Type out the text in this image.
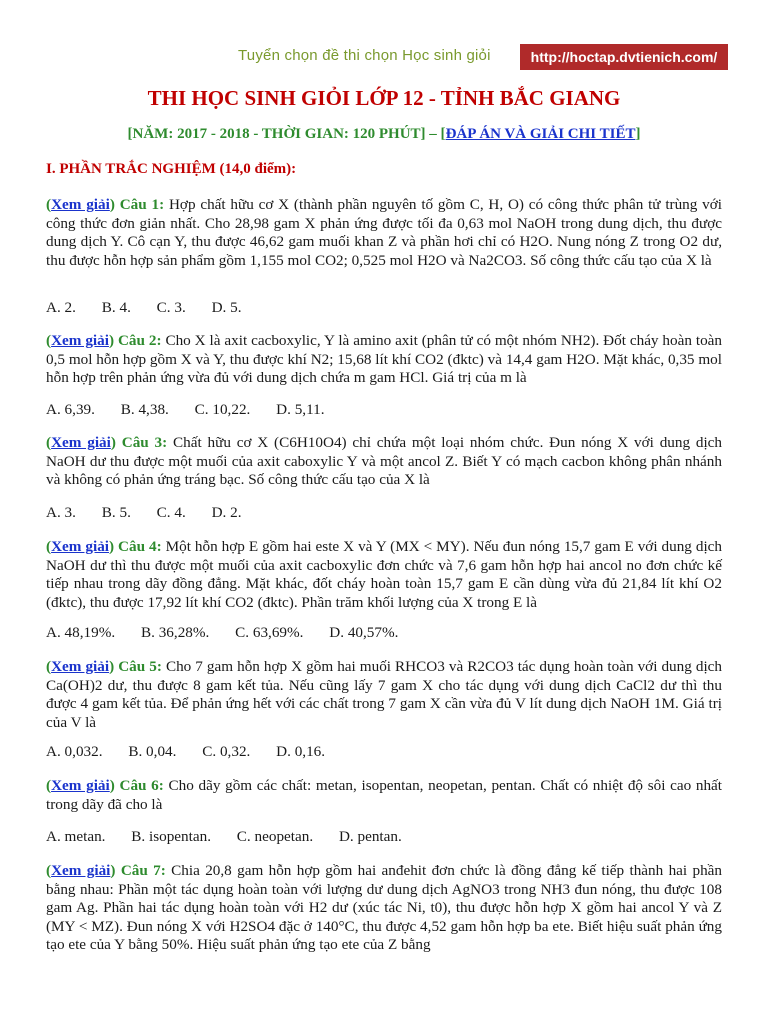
Tuyển chọn đề thi chọn Học sinh giỏi	http://hoctap.dvtienich.com/
THI HỌC SINH GIỎI LỚP 12 - TỈNH BẮC GIANG
[NĂM: 2017 - 2018 - THỜI GIAN: 120 PHÚT] – [ĐÁP ÁN VÀ GIẢI CHI TIẾT]
I. PHẦN TRẮC NGHIỆM (14,0 điểm):
(Xem giải) Câu 1: Hợp chất hữu cơ X (thành phần nguyên tố gồm C, H, O) có công thức phân tử trùng với công thức đơn giản nhất. Cho 28,98 gam X phản ứng được tối đa 0,63 mol NaOH trong dung dịch, thu được dung dịch Y. Cô cạn Y, thu được 46,62 gam muối khan Z và phần hơi chỉ có H2O. Nung nóng Z trong O2 dư, thu được hỗn hợp sản phẩm gồm 1,155 mol CO2; 0,525 mol H2O và Na2CO3. Số công thức cấu tạo của X là
A. 2. B. 4. C. 3. D. 5.
(Xem giải) Câu 2: Cho X là axit cacboxylic, Y là amino axit (phân tử có một nhóm NH2). Đốt cháy hoàn toàn 0,5 mol hỗn hợp gồm X và Y, thu được khí N2; 15,68 lít khí CO2 (đktc) và 14,4 gam H2O. Mặt khác, 0,35 mol hỗn hợp trên phản ứng vừa đủ với dung dịch chứa m gam HCl. Giá trị của m là
A. 6,39. B. 4,38. C. 10,22. D. 5,11.
(Xem giải) Câu 3: Chất hữu cơ X (C6H10O4) chỉ chứa một loại nhóm chức. Đun nóng X với dung dịch NaOH dư thu được một muối của axit caboxylic Y và một ancol Z. Biết Y có mạch cacbon không phân nhánh và không có phản ứng tráng bạc. Số công thức cấu tạo của X là
A. 3. B. 5. C. 4. D. 2.
(Xem giải) Câu 4: Một hỗn hợp E gồm hai este X và Y (MX < MY). Nếu đun nóng 15,7 gam E với dung dịch NaOH dư thì thu được một muối của axit cacboxylic đơn chức và 7,6 gam hỗn hợp hai ancol no đơn chức kế tiếp nhau trong dãy đồng đẳng. Mặt khác, đốt cháy hoàn toàn 15,7 gam E cần dùng vừa đủ 21,84 lít khí O2 (đktc), thu được 17,92 lít khí CO2 (đktc). Phần trăm khối lượng của X trong E là
A. 48,19%. B. 36,28%. C. 63,69%. D. 40,57%.
(Xem giải) Câu 5: Cho 7 gam hỗn hợp X gồm hai muối RHCO3 và R2CO3 tác dụng hoàn toàn với dung dịch Ca(OH)2 dư, thu được 8 gam kết tủa. Nếu cũng lấy 7 gam X cho tác dụng với dung dịch CaCl2 dư thì thu được 4 gam kết tủa. Để phản ứng hết với các chất trong 7 gam X cần vừa đủ V lít dung dịch NaOH 1M. Giá trị của V là
A. 0,032. B. 0,04. C. 0,32. D. 0,16.
(Xem giải) Câu 6: Cho dãy gồm các chất: metan, isopentan, neopetan, pentan. Chất có nhiệt độ sôi cao nhất trong dãy đã cho là
A. metan. B. isopentan. C. neopetan. D. pentan.
(Xem giải) Câu 7: Chia 20,8 gam hỗn hợp gồm hai anđehit đơn chức là đồng đẳng kế tiếp thành hai phần bằng nhau: Phần một tác dụng hoàn toàn với lượng dư dung dịch AgNO3 trong NH3 đun nóng, thu được 108 gam Ag. Phần hai tác dụng hoàn toàn với H2 dư (xúc tác Ni, t0), thu được hỗn hợp X gồm hai ancol Y và Z (MY < MZ). Đun nóng X với H2SO4 đặc ở 140°C, thu được 4,52 gam hỗn hợp ba ete. Biết hiệu suất phản ứng tạo ete của Y bằng 50%. Hiệu suất phản ứng tạo ete của Z bằng
